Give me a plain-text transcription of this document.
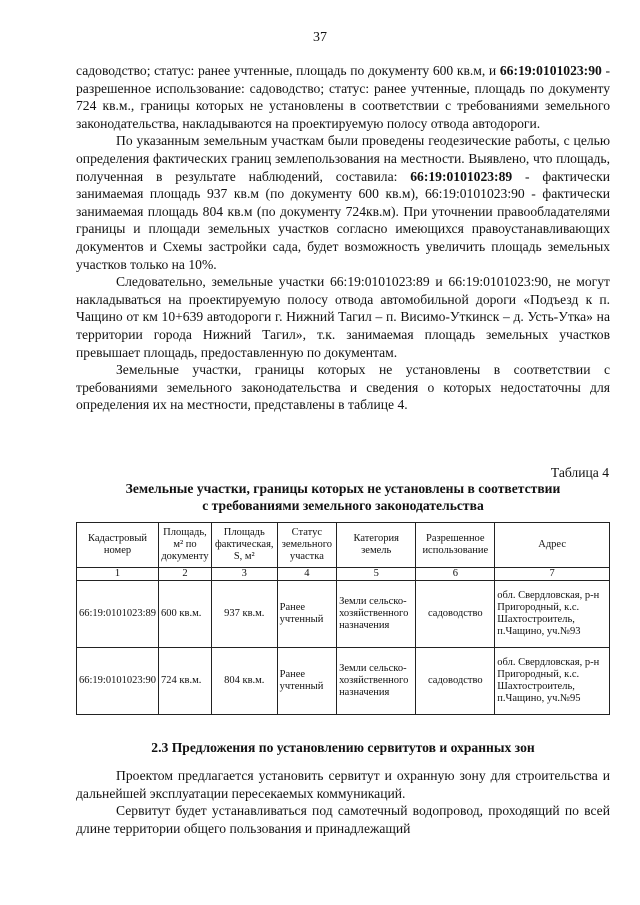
37

садоводство; статус: ранее учтенные, площадь по документу 600 кв.м, и 66:19:0101023:90 - разрешенное использование: садоводство; статус: ранее учтенные, площадь по документу 724 кв.м., границы которых не установлены в соответствии с требованиями земельного законодательства, накладываются на проектируемую полосу отвода автодороги.

По указанным земельным участкам были проведены геодезические работы, с целью определения фактических границ землепользования на местности. Выявлено, что площадь, полученная в результате наблюдений, составила: 66:19:0101023:89 - фактически занимаемая площадь 937 кв.м (по документу 600 кв.м), 66:19:0101023:90 - фактически занимаемая площадь 804 кв.м (по документу 724кв.м). При уточнении правообладателями границы и площади земельных участков согласно имеющихся правоустанавливающих документов и Схемы застройки сада, будет возможность увеличить площадь земельных участков только на 10%.

Следовательно, земельные участки 66:19:0101023:89 и 66:19:0101023:90, не могут накладываться на проектируемую полосу отвода автомобильной дороги «Подъезд к п. Чащино от км 10+639 автодороги г. Нижний Тагил – п. Висимо-Уткинск – д. Усть-Утка» на территории города Нижний Тагил», т.к. занимаемая площадь земельных участков превышает площадь, предоставленную по документам.

Земельные участки, границы которых не установлены в соответствии с требованиями земельного законодательства и сведения о которых недостаточны для определения их на местности, представлены в таблице 4.

Таблица 4
Земельные участки, границы которых не установлены в соответствии
с требованиями земельного законодательства
Кадастровый номер	Площадь, м² по документу	Площадь фактическая, S, м²	Статус земельного участка	Категория земель	Разрешенное использование	Адрес
1	2	3	4	5	6	7
66:19:0101023:89	600 кв.м.	937 кв.м.	Ранее учтенный	Земли сельско-хозяйственного назначения	садоводство	обл. Свердловская, р-н Пригородный, к.с. Шахтостроитель, п.Чащино, уч.№93
66:19:0101023:90	724 кв.м.	804 кв.м.	Ранее учтенный	Земли сельско-хозяйственного назначения	садоводство	обл. Свердловская, р-н Пригородный, к.с. Шахтостроитель, п.Чащино, уч.№95
2.3 Предложения по установлению сервитутов и охранных зон

Проектом предлагается установить сервитут и охранную зону для строительства и дальнейшей эксплуатации пересекаемых коммуникаций.

Сервитут будет устанавливаться под самотечный водопровод, проходящий по всей длине территории общего пользования и принадлежащий
